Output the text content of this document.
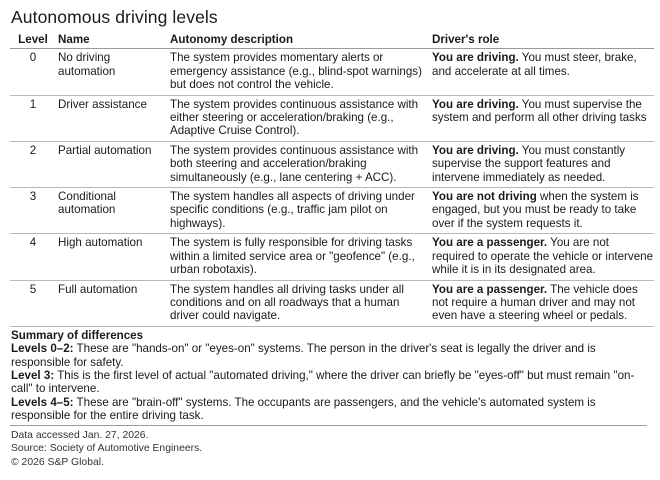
Autonomous driving levels
Level	Name	Autonomy description	Driver's role
0	No driving automation	The system provides momentary alerts or emergency assistance (e.g., blind-spot warnings) but does not control the vehicle.	You are driving. You must steer, brake, and accelerate at all times.
1	Driver assistance	The system provides continuous assistance with either steering or acceleration/braking (e.g., Adaptive Cruise Control).	You are driving. You must supervise the system and perform all other driving tasks
2	Partial automation	The system provides continuous assistance with both steering and acceleration/braking simultaneously (e.g., lane centering + ACC).	You are driving. You must constantly supervise the support features and intervene immediately as needed.
3	Conditional automation	The system handles all aspects of driving under specific conditions (e.g., traffic jam pilot on highways).	You are not driving when the system is engaged, but you must be ready to take over if the system requests it.
4	High automation	The system is fully responsible for driving tasks within a limited service area or "geofence" (e.g., urban robotaxis).	You are a passenger. You are not required to operate the vehicle or intervene while it is in its designated area.
5	Full automation	The system handles all driving tasks under all conditions and on all roadways that a human driver could navigate.	You are a passenger. The vehicle does not require a human driver and may not even have a steering wheel or pedals.

Summary of differences

Levels 0–2: These are "hands-on" or "eyes-on" systems. The person in the driver's seat is legally the driver and is responsible for safety.

Level 3: This is the first level of actual "automated driving," where the driver can briefly be "eyes-off" but must remain "on-call" to intervene.

Levels 4–5: These are "brain-off" systems. The occupants are passengers, and the vehicle's automated system is responsible for the entire driving task.

Data accessed Jan. 27, 2026.
Source: Society of Automotive Engineers.
© 2026 S&P Global.
